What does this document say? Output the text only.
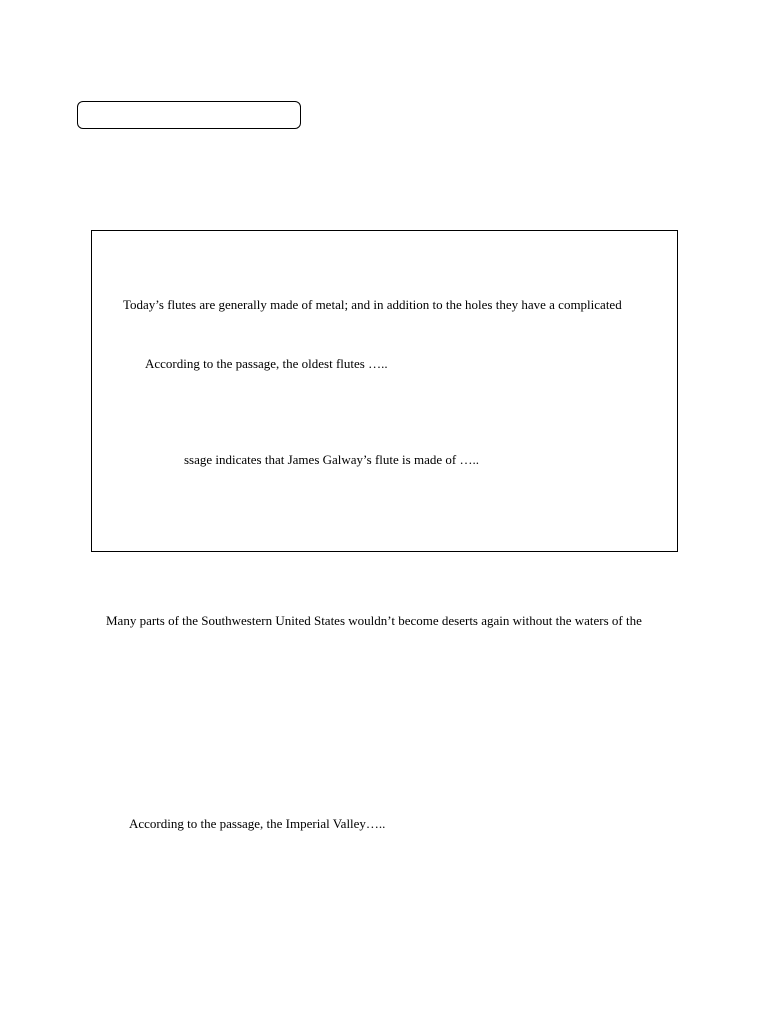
Today’s flutes are generally made of metal; and in addition to the holes they have a complicated
According to the passage, the oldest flutes …..
ssage indicates that James Galway’s flute is made of …..
Many parts of the Southwestern United States wouldn’t become deserts again without the waters of the
According to the passage, the Imperial Valley…..
